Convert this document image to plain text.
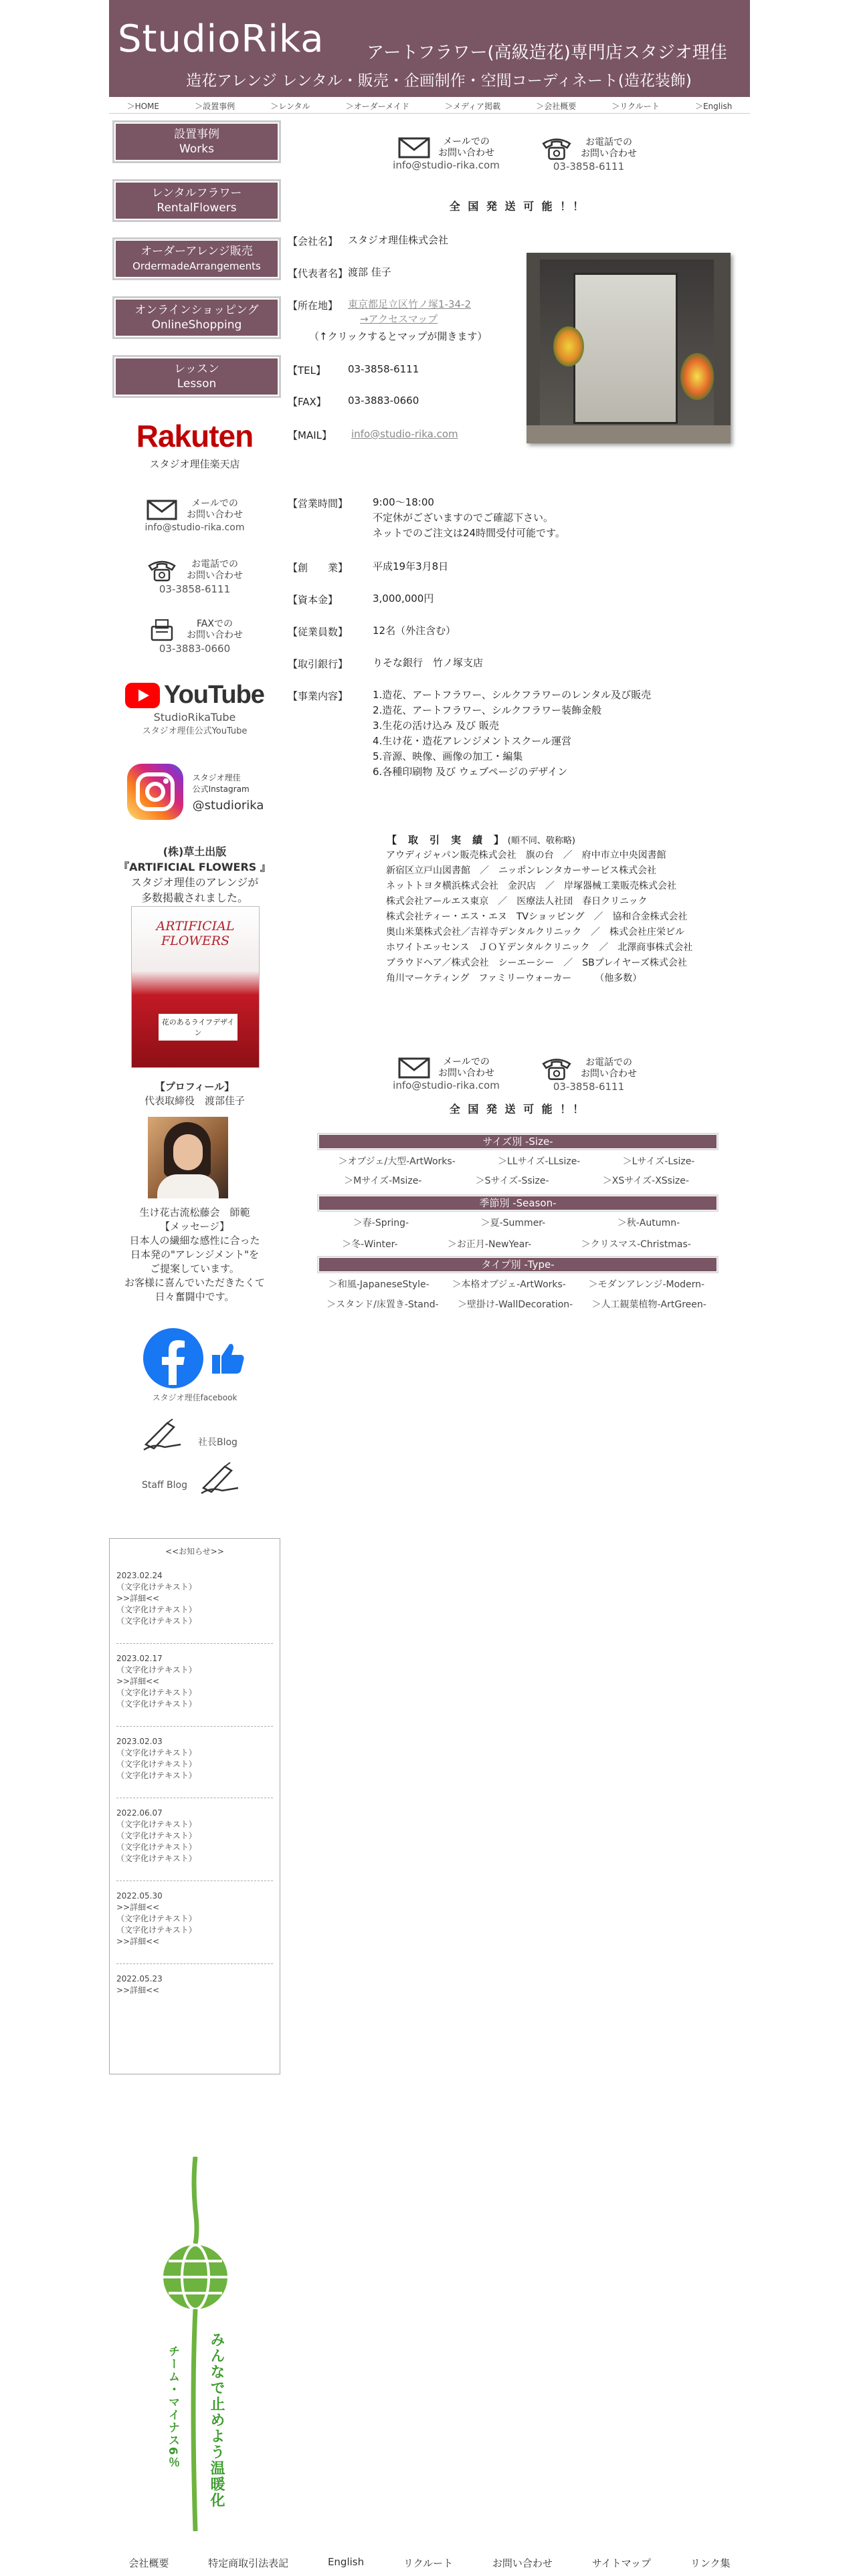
StudioRika アートフラワー(高級造花)専門店スタジオ理佳
造花アレンジ レンタル・販売・企画制作・空間コーディネート(造花装飾)
＞HOME	＞設置事例	＞レンタル	＞オーダーメイド	＞メディア掲載	＞会社概要	＞リクルート	＞English
設置事例
Works
レンタルフラワー
RentalFlowers
オーダーアレンジ販売
OrdermadeArrangements
オンラインショッピング
OnlineShopping
レッスン
Lesson
Rakuten
スタジオ理佳楽天店
メールでの
お問い合わせ
info@studio-rika.com
お電話での
お問い合わせ
03-3858-6111
FAXでの
お問い合わせ
03-3883-0660
YouTube
StudioRikaTube
スタジオ理佳公式YouTube
スタジオ理佳
公式Instagram
@studiorika
(株)草土出版
『ARTIFICIAL FLOWERS 』
スタジオ理佳のアレンジが
多数掲載されました。
ARTIFICIAL FLOWERS
花のあるライフデザイン
【プロフィール】
代表取締役　渡部佳子
生け花古流松藤会　師範
【メッセージ】
日本人の繊細な感性に合った
日本発の"アレンジメント"を
ご提案しています。
お客様に喜んでいただきたくて
日々奮闘中です。
スタジオ理佳facebook
社長Blog
Staff Blog
<<お知らせ>>
2023.02.24
（文字化けテキスト）
>>詳細<<
（文字化けテキスト）
（文字化けテキスト）
2023.02.17
（文字化けテキスト）
>>詳細<<
（文字化けテキスト）
（文字化けテキスト）
2023.02.03
（文字化けテキスト）
（文字化けテキスト）
（文字化けテキスト）
2022.06.07
（文字化けテキスト）
（文字化けテキスト）
（文字化けテキスト）
（文字化けテキスト）
2022.05.30
>>詳細<<
（文字化けテキスト）
（文字化けテキスト）
>>詳細<<
2022.05.23
>>詳細<<
みんなで止めよう温暖化
チーム・マイナス6％
メールでの
お問い合わせ
info@studio-rika.com
お電話での
お問い合わせ
03-3858-6111
全 国 発 送 可 能 ！！
【会社名】 スタジオ理佳株式会社
【代表者名】 渡部 佳子
【所在地】 東京都足立区竹ノ塚1-34-2
→アクセスマップ
（↑クリックするとマップが開きます）
【TEL】 03-3858-6111
【FAX】 03-3883-0660
【MAIL】 info@studio-rika.com
【営業時間】 9:00～18:00
不定休がございますのでご確認下さい。
ネットでのご注文は24時間受付可能です。
【創　　業】 平成19年3月8日
【資本金】	3,000,000円
【従業員数】 12名（外注含む）
【取引銀行】 りそな銀行　竹ノ塚支店
【事業内容】 1.造花、アートフラワー、シルクフラワーのレンタル及び販売
2.造花、アートフラワー、シルクフラワー装飾金般
3.生花の活け込み 及び 販売
4.生け花・造花アレンジメントスクール運営
5.音源、映像、画像の加工・編集
6.各種印刷物 及び ウェブページのデザイン
【　取　引　実　績　】 (順不同、敬称略)
アウディジャパン販売株式会社　旗の台　／　府中市立中央図書館
新宿区立戸山図書館　／　ニッポンレンタカーサービス株式会社
ネットトヨタ横浜株式会社　金沢店　／　岸塚器械工業販売株式会社
株式会社アールエス東京　／　医療法人社団　春日クリニック
株式会社ティー・エス・エヌ　TVショッピング　／　協和合金株式会社
奥山米葉株式会社／吉祥寺デンタルクリニック　／　株式会社庄栄ビル
ホワイトエッセンス　ＪＯＹデンタルクリニック　／　北澤商事株式会社
ブラウドヘア／株式会社　シーエーシー　／　SBプレイヤーズ株式会社
角川マーケティング　ファミリーウォーカー　　　（他多数）
メールでの
お問い合わせ
info@studio-rika.com
お電話での
お問い合わせ
03-3858-6111
全 国 発 送 可 能 ！！
サイズ別 -Size-
＞オブジェ/大型-ArtWorks-	＞LLサイズ-LLsize-	＞Lサイズ-Lsize-
＞Mサイズ-Msize-	＞Sサイズ-Ssize-	＞XSサイズ-XSsize-
季節別 -Season-
＞春-Spring-	＞夏-Summer-	＞秋-Autumn-
＞冬-Winter-	＞お正月-NewYear-	＞クリスマス-Christmas-
タイプ別 -Type-
＞和風-JapaneseStyle- ＞本格オブジェ-ArtWorks- ＞モダンアレンジ-Modern-
＞スタンド/床置き-Stand- ＞壁掛け-WallDecoration- ＞人工観葉植物-ArtGreen-
会社概要	特定商取引法表記	English	リクルート	お問い合わせ	サイトマップ	リンク集
